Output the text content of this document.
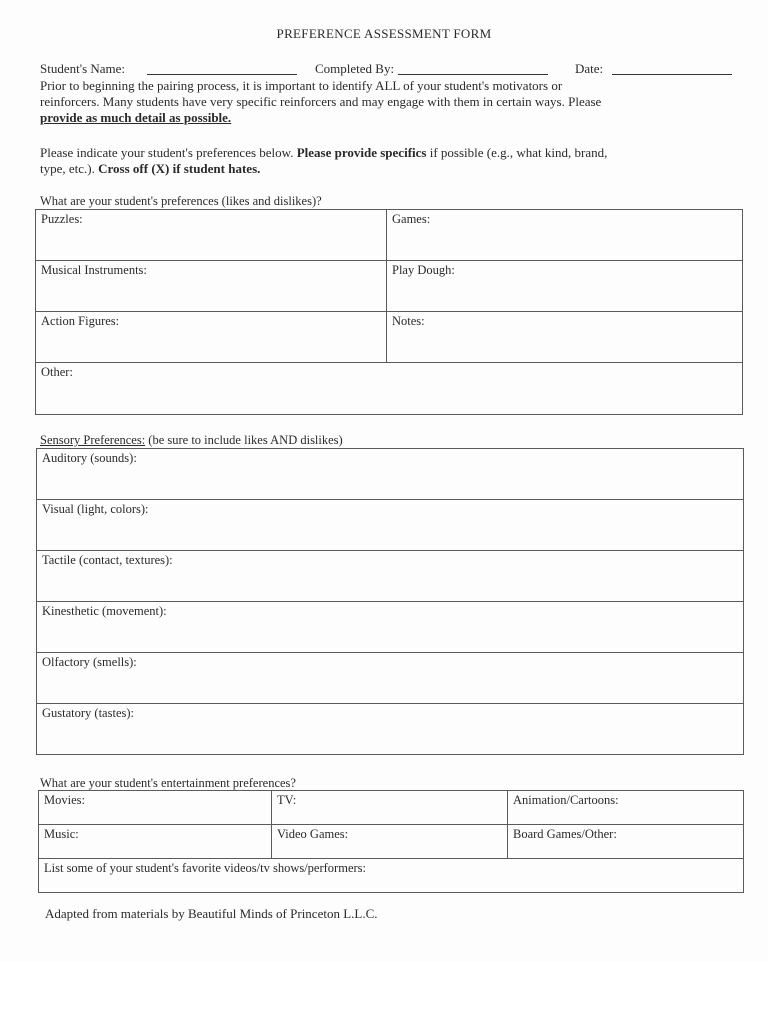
PREFERENCE ASSESSMENT FORM
Student's Name:	Completed By:	Date:
Prior to beginning the pairing process, it is important to identify ALL of your student's motivators or
reinforcers. Many students have very specific reinforcers and may engage with them in certain ways. Please
provide as much detail as possible.
Please indicate your student's preferences below. Please provide specifics if possible (e.g., what kind, brand,
type, etc.). Cross off (X) if student hates.
What are your student's preferences (likes and dislikes)?
Puzzles:	Games:
Musical Instruments:	Play Dough:
Action Figures:	Notes:
Other:	
Sensory Preferences: (be sure to include likes AND dislikes)
Auditory (sounds):
Visual (light, colors):
Tactile (contact, textures):
Kinesthetic (movement):
Olfactory (smells):
Gustatory (tastes):
What are your student's entertainment preferences?
Movies:	TV:	Animation/Cartoons:
Music:	Video Games:	Board Games/Other:
List some of your student's favorite videos/tv shows/performers:		
Adapted from materials by Beautiful Minds of Princeton L.L.C.
